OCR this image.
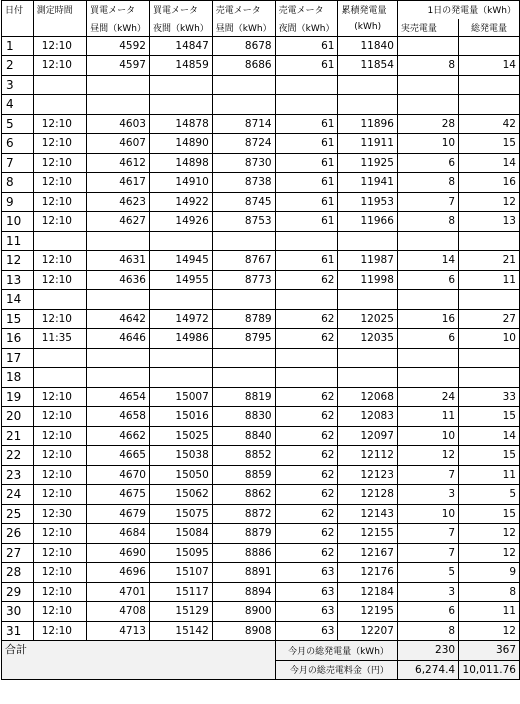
日付	測定時間	買電メータ	買電メータ	売電メータ	売電メータ	累積発電量	1日の発電量（kWh）	
		昼間（kWh）	夜間（kWh）	昼間（kWh）	夜間（kWh）	(kWh)	実売電量	総発電量
1	12:10	4592	14847	8678	61	11840		
2	12:10	4597	14859	8686	61	11854	8	14
3								
4								
5	12:10	4603	14878	8714	61	11896	28	42
6	12:10	4607	14890	8724	61	11911	10	15
7	12:10	4612	14898	8730	61	11925	6	14
8	12:10	4617	14910	8738	61	11941	8	16
9	12:10	4623	14922	8745	61	11953	7	12
10	12:10	4627	14926	8753	61	11966	8	13
11								
12	12:10	4631	14945	8767	61	11987	14	21
13	12:10	4636	14955	8773	62	11998	6	11
14								
15	12:10	4642	14972	8789	62	12025	16	27
16	11:35	4646	14986	8795	62	12035	6	10
17								
18								
19	12:10	4654	15007	8819	62	12068	24	33
20	12:10	4658	15016	8830	62	12083	11	15
21	12:10	4662	15025	8840	62	12097	10	14
22	12:10	4665	15038	8852	62	12112	12	15
23	12:10	4670	15050	8859	62	12123	7	11
24	12:10	4675	15062	8862	62	12128	3	5
25	12:30	4679	15075	8872	62	12143	10	15
26	12:10	4684	15084	8879	62	12155	7	12
27	12:10	4690	15095	8886	62	12167	7	12
28	12:10	4696	15107	8891	63	12176	5	9
29	12:10	4701	15117	8894	63	12184	3	8
30	12:10	4708	15129	8900	63	12195	6	11
31	12:10	4713	15142	8908	63	12207	8	12
合計					今月の総発電量（kWh）		230	367
					今月の総売電料金（円）		6,274.4	10,011.76
